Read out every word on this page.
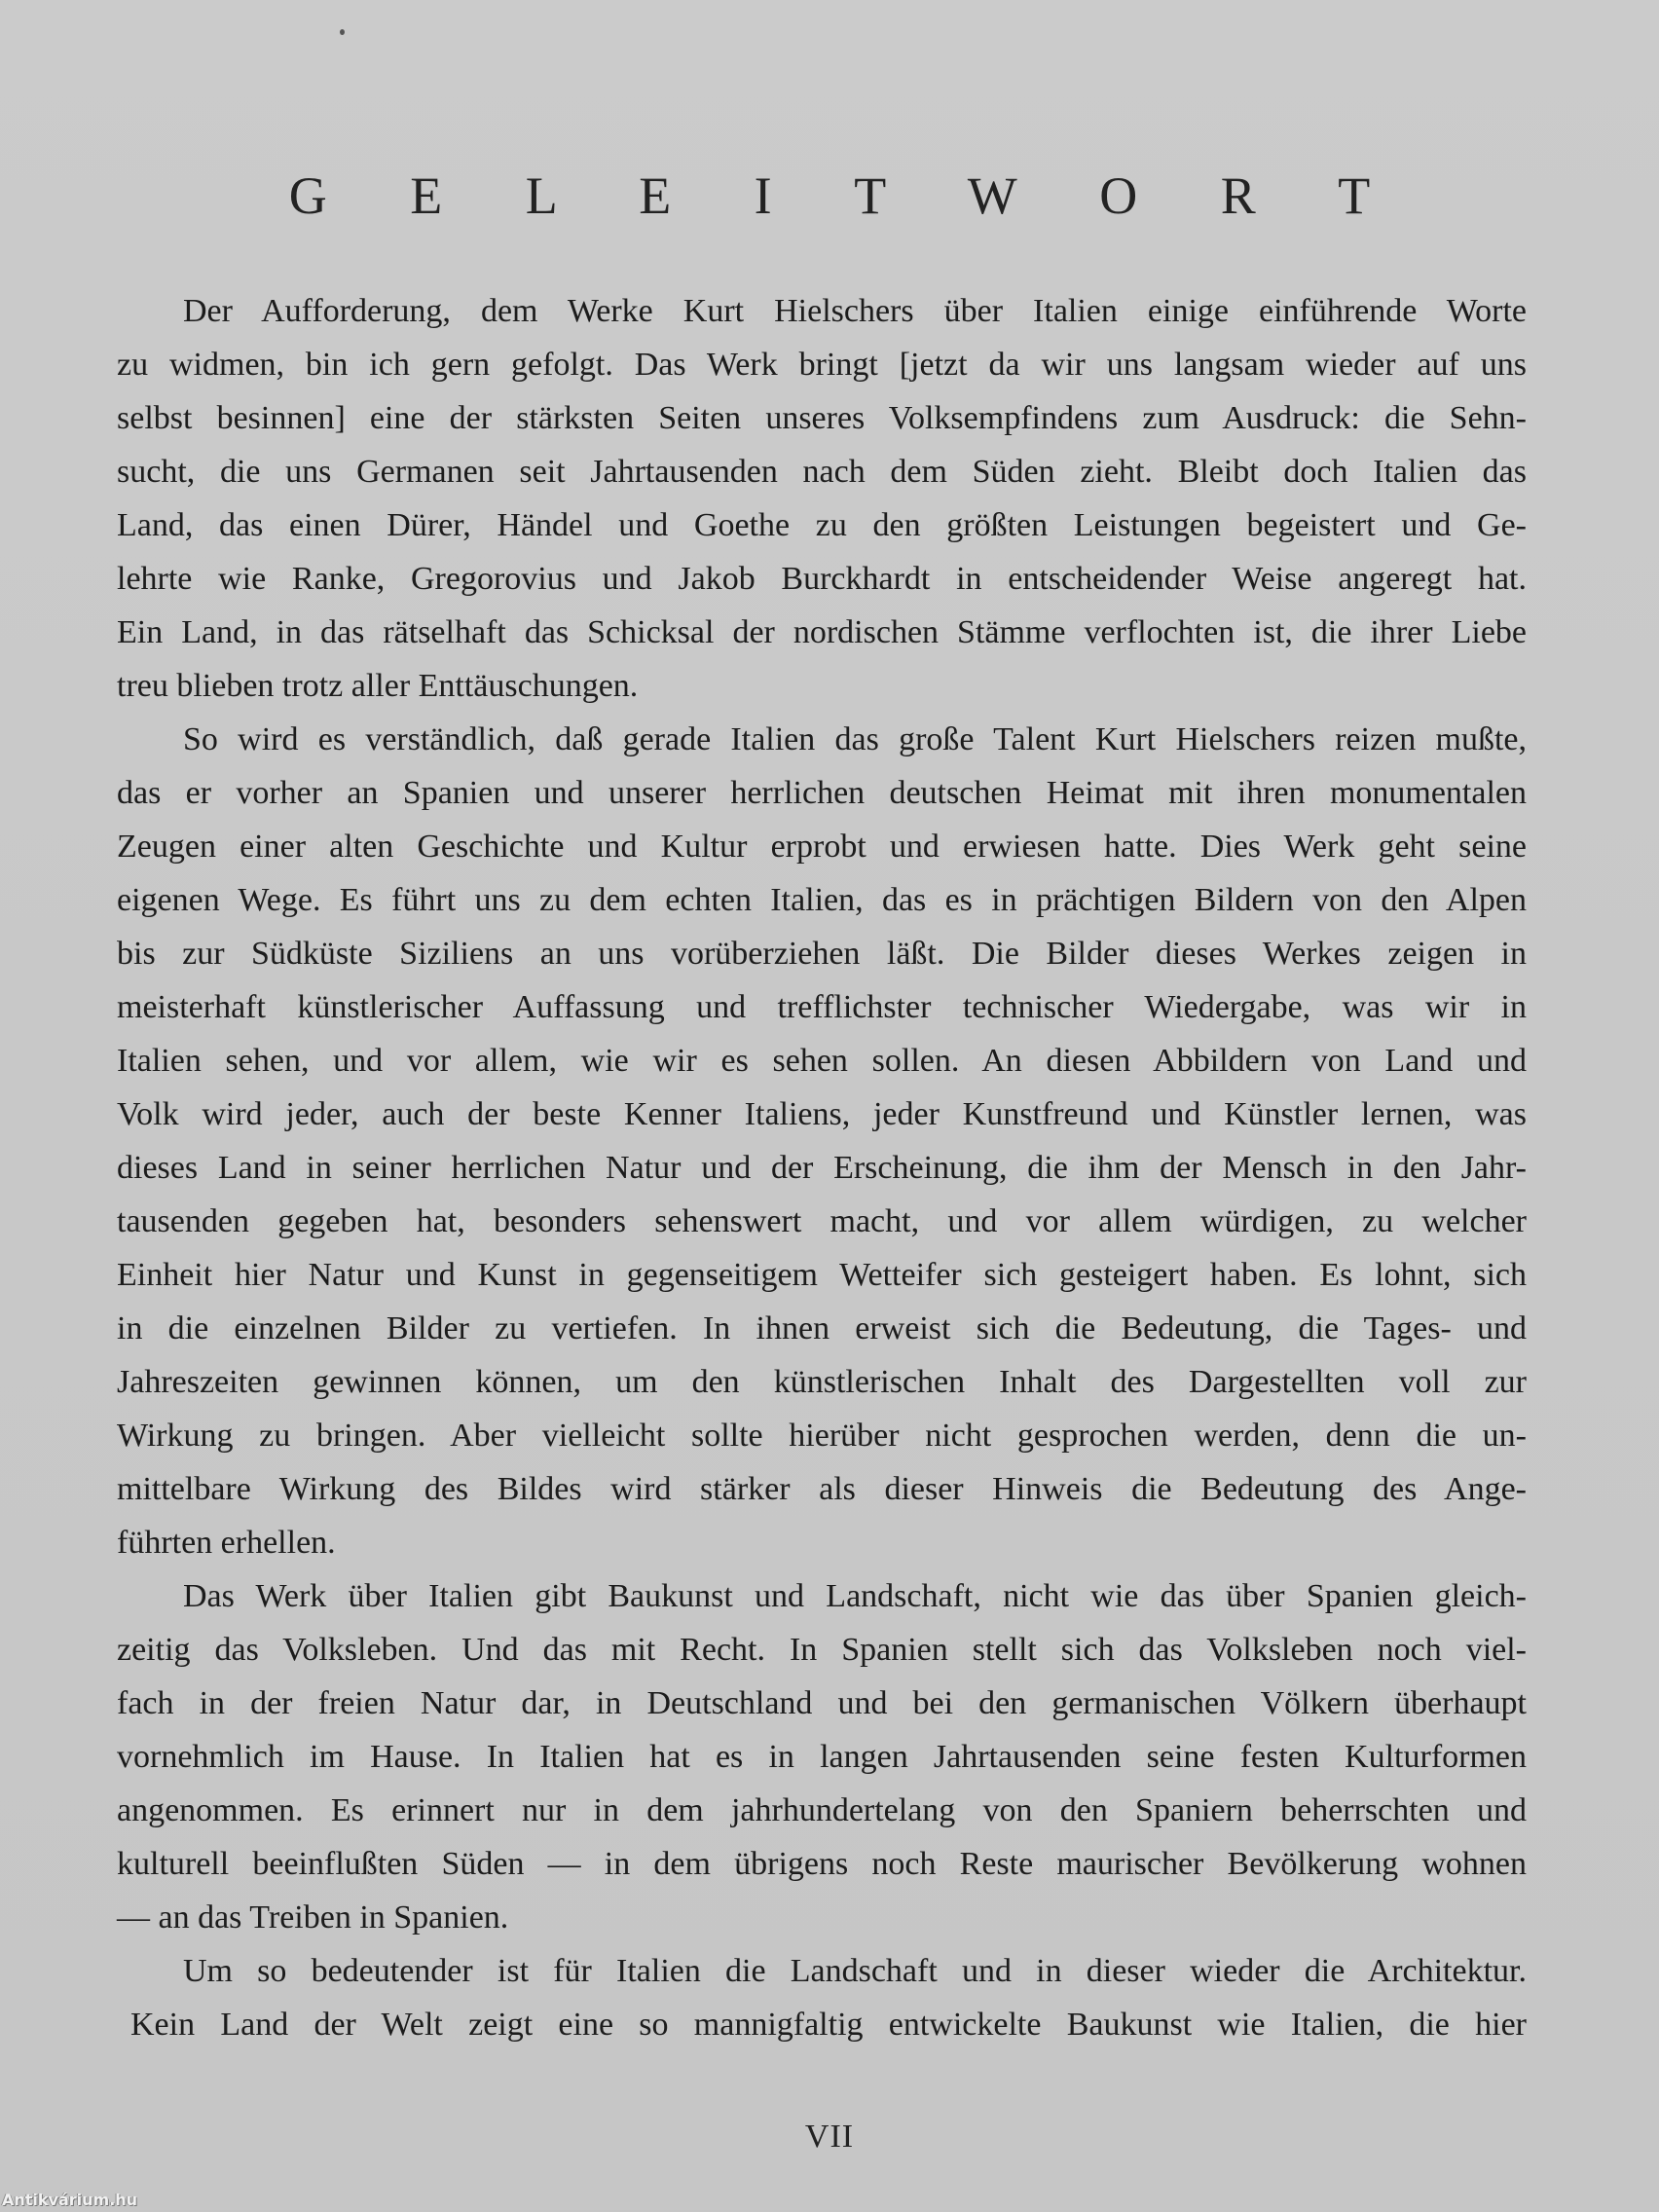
G E L E I T W O R T
Der Aufforderung, dem Werke Kurt Hielschers über Italien einige einführende Worte
zu widmen, bin ich gern gefolgt. Das Werk bringt [jetzt da wir uns langsam wieder auf uns
selbst besinnen] eine der stärksten Seiten unseres Volksempfindens zum Ausdruck: die Sehn-
sucht, die uns Germanen seit Jahrtausenden nach dem Süden zieht. Bleibt doch Italien das
Land, das einen Dürer, Händel und Goethe zu den größten Leistungen begeistert und Ge-
lehrte wie Ranke, Gregorovius und Jakob Burckhardt in entscheidender Weise angeregt hat.
Ein Land, in das rätselhaft das Schicksal der nordischen Stämme verflochten ist, die ihrer Liebe
treu blieben trotz aller Enttäuschungen.
So wird es verständlich, daß gerade Italien das große Talent Kurt Hielschers reizen mußte,
das er vorher an Spanien und unserer herrlichen deutschen Heimat mit ihren monumentalen
Zeugen einer alten Geschichte und Kultur erprobt und erwiesen hatte. Dies Werk geht seine
eigenen Wege. Es führt uns zu dem echten Italien, das es in prächtigen Bildern von den Alpen
bis zur Südküste Siziliens an uns vorüberziehen läßt. Die Bilder dieses Werkes zeigen in
meisterhaft künstlerischer Auffassung und trefflichster technischer Wiedergabe, was wir in
Italien sehen, und vor allem, wie wir es sehen sollen. An diesen Abbildern von Land und
Volk wird jeder, auch der beste Kenner Italiens, jeder Kunstfreund und Künstler lernen, was
dieses Land in seiner herrlichen Natur und der Erscheinung, die ihm der Mensch in den Jahr-
tausenden gegeben hat, besonders sehenswert macht, und vor allem würdigen, zu welcher
Einheit hier Natur und Kunst in gegenseitigem Wetteifer sich gesteigert haben. Es lohnt, sich
in die einzelnen Bilder zu vertiefen. In ihnen erweist sich die Bedeutung, die Tages- und
Jahreszeiten gewinnen können, um den künstlerischen Inhalt des Dargestellten voll zur
Wirkung zu bringen. Aber vielleicht sollte hierüber nicht gesprochen werden, denn die un-
mittelbare Wirkung des Bildes wird stärker als dieser Hinweis die Bedeutung des Ange-
führten erhellen.
Das Werk über Italien gibt Baukunst und Landschaft, nicht wie das über Spanien gleich-
zeitig das Volksleben. Und das mit Recht. In Spanien stellt sich das Volksleben noch viel-
fach in der freien Natur dar, in Deutschland und bei den germanischen Völkern überhaupt
vornehmlich im Hause. In Italien hat es in langen Jahrtausenden seine festen Kulturformen
angenommen. Es erinnert nur in dem jahrhundertelang von den Spaniern beherrschten und
kulturell beeinflußten Süden — in dem übrigens noch Reste maurischer Bevölkerung wohnen
— an das Treiben in Spanien.
Um so bedeutender ist für Italien die Landschaft und in dieser wieder die Architektur.
Kein Land der Welt zeigt eine so mannigfaltig entwickelte Baukunst wie Italien, die hier
VII
Antikvárium.hu
